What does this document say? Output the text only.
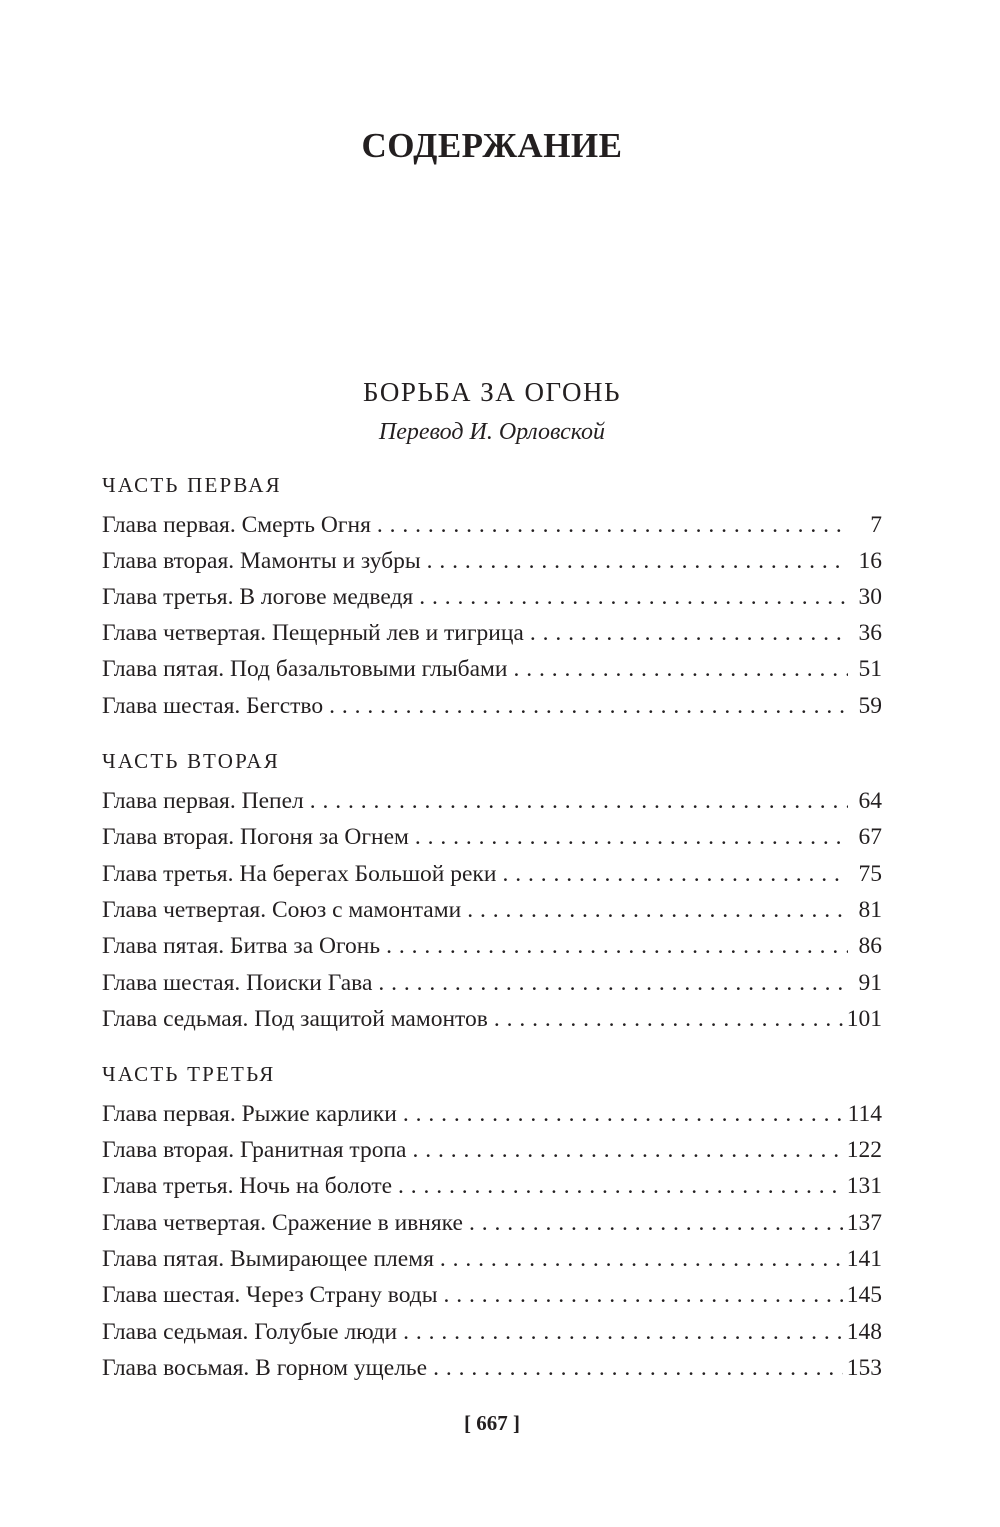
СОДЕРЖАНИЕ
БОРЬБА ЗА ОГОНЬ
Перевод И. Орловской
ЧАСТЬ ПЕРВАЯ
Глава первая. Смерть Огня . . .	7
Глава вторая. Мамонты и зубры . . .	16
Глава третья. В логове медведя . . .	30
Глава четвертая. Пещерный лев и тигрица . . .	36
Глава пятая. Под базальтовыми глыбами . . .	51
Глава шестая. Бегство . . .	59
ЧАСТЬ ВТОРАЯ
Глава первая. Пепел . . .	64
Глава вторая. Погоня за Огнем . . .	67
Глава третья. На берегах Большой реки . . .	75
Глава четвертая. Союз с мамонтами . . .	81
Глава пятая. Битва за Огонь . . .	86
Глава шестая. Поиски Гава . . .	91
Глава седьмая. Под защитой мамонтов . . .	101
ЧАСТЬ ТРЕТЬЯ
Глава первая. Рыжие карлики . . .	114
Глава вторая. Гранитная тропа . . .	122
Глава третья. Ночь на болоте . . .	131
Глава четвертая. Сражение в ивняке . . .	137
Глава пятая. Вымирающее племя . . .	141
Глава шестая. Через Страну воды . . .	145
Глава седьмая. Голубые люди . . .	148
Глава восьмая. В горном ущелье . . .	153
[ 667 ]
